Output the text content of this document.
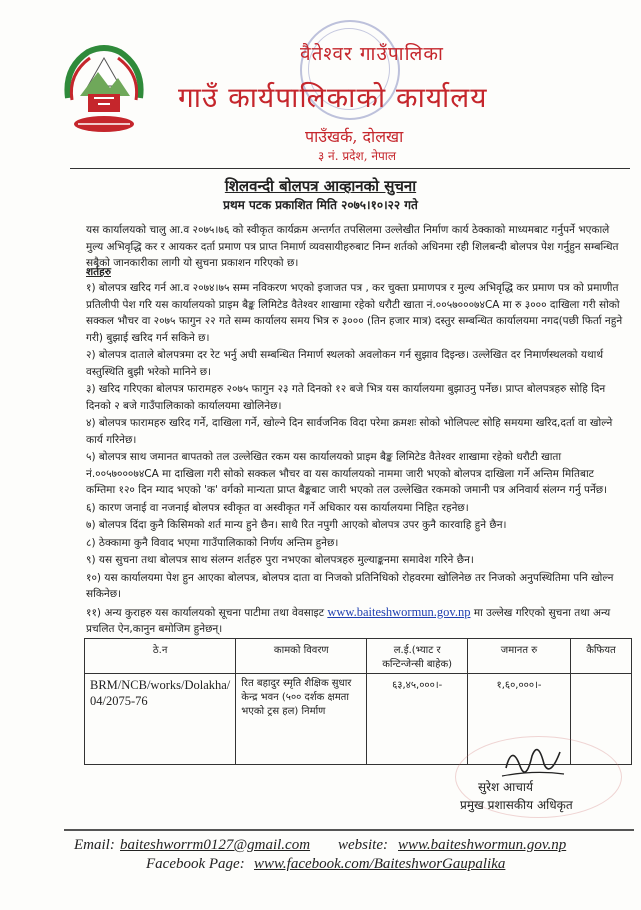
वैतेश्वर गाउँपालिका
गाउँ कार्यपालिकाको कार्यालय
पाउँखर्क, दोलखा
३ नं. प्रदेश, नेपाल
शिलवन्दी बोलपत्र आव्हानको सुचना
प्रथम पटक प्रकाशित मिति २०७५।१०।२२ गते
यस कार्यालयको चालु आ.व २०७५।७६ को स्वीकृत कार्यक्रम अन्तर्गत तपसिलमा उल्लेखीत निर्माण कार्य ठेक्काको माध्यमबाट गर्नुपर्ने भएकाले मुल्य अभिवृद्धि कर र आयकर दर्ता प्रमाण पत्र प्राप्त निमार्ण व्यवसायीहरुबाट निम्न शर्तको अधिनमा रही शिलबन्दी बोलपत्र पेश गर्नुहुन सम्बन्धित सबैको जानकारीका लागी यो सुचना प्रकाशन गरिएको छ।
शर्तहरु

१) बोलपत्र खरिद गर्न आ.व २०७४।७५ सम्म नविकरण भएको इजाजत पत्र , कर चुक्ता प्रमाणपत्र र मुल्य अभिवृद्धि कर प्रमाण पत्र को प्रमाणीत प्रतिलीपी पेश गरि यस कार्यालयको प्राइम बैङ्क लिमिटेड वैतेश्वर शाखामा रहेको धरौटी खाता नं.००५७०००७४CA मा रु ३००० दाखिला गरी सोको सक्कल भौचर वा २०७५ फागुन २२ गते सम्म कार्यालय समय भित्र रु ३००० (तिन हजार मात्र) दस्तुर सम्बन्धित कार्यालयमा नगद(पछी फिर्ता नहुने गरी) बुझाई खरिद गर्न सकिने छ।

२) बोलपत्र दाताले बोलपत्रमा दर रेट भर्नु अघी सम्बन्धित निमार्ण स्थलको अवलोकन गर्न सुझाव दिइन्छ। उल्लेखित दर निमार्णस्थलको यथार्थ वस्तुस्थिति बुझी भरेको मानिने छ।

३) खरिद गरिएका बोलपत्र फारामहरु २०७५ फागुन २३ गते दिनको १२ बजे भित्र यस कार्यालयमा बुझाउनु पर्नेछ। प्राप्त बोलपत्रहरु सोहि दिन दिनको २ बजे गाउँपालिकाको कार्यालयमा खोलिनेछ।

४) बोलपत्र फारामहरु खरिद गर्ने, दाखिला गर्ने, खोल्ने दिन सार्वजनिक विदा परेमा क्रमशः सोको भोलिपल्ट सोहि समयमा खरिद,दर्ता वा खोल्ने कार्य गरिनेछ।

५) बोलपत्र साथ जमानत बापतको तल उल्लेखित रकम यस कार्यालयको प्राइम बैङ्क लिमिटेड वैतेश्वर शाखामा रहेको धरौटी खाता नं.००५७०००७४CA मा दाखिला गरी सोको सक्कल भौचर वा यस कार्यालयको नाममा जारी भएको बोलपत्र दाखिला गर्ने अन्तिम मितिबाट कम्तिमा १२० दिन म्याद भएको 'क' वर्गको मान्यता प्राप्त बैङ्कबाट जारी भएको तल उल्लेखित रकमको जमानी पत्र अनिवार्य संलग्न गर्नु पर्नेछ।

६) कारण जनाई वा नजनाई बोलपत्र स्वीकृत वा अस्वीकृत गर्ने अधिकार यस कार्यालयमा निहित रहनेछ।

७) बोलपत्र दिंदा कुनै किसिमको शर्त मान्य हुने छैन। साथै रित नपुगी आएको बोलपत्र उपर कुनै कारवाहि हुने छैन।

८) ठेक्कामा कुनै विवाद भएमा गाउँपालिकाको निर्णय अन्तिम हुनेछ।

९) यस सुचना तथा बोलपत्र साथ संलग्न शर्तहरु पुरा नभएका बोलपत्रहरु मुल्याङ्कनमा समावेश गरिने छैन।

१०) यस कार्यालयमा पेश हुन आएका बोलपत्र, बोलपत्र दाता वा निजको प्रतिनिधिको रोहवरमा खोलिनेछ तर निजको अनुपस्थितिमा पनि खोल्न सकिनेछ।

११) अन्य कुराहरु यस कार्यालयको सूचना पाटीमा तथा वेवसाइट www.baiteshwormun.gov.np मा उल्लेख गरिएको सुचना तथा अन्य प्रचलित ऐन,कानुन बमोजिम हुनेछन्।

ठे.न	कामको विवरण	ल.ई.(भ्याट र कन्टिन्जेन्सी बाहेक)	जमानत रु	कैफियत
BRM/NCB/works/Dolakha/ 04/2075-76	रित बहादुर स्मृति शैक्षिक सुधार केन्द्र भवन (५०० दर्शक क्षमता भएको ट्रस हल) निर्माण	६३,४५,०००।-	१,६०,०००।-	
सुरेश आचार्य
प्रमुख प्रशासकीय अधिकृत
Email: baiteshworrm0127@gmail.com website: www.baiteshwormun.gov.np
Facebook Page: www.facebook.com/BaiteshworGaupalika
